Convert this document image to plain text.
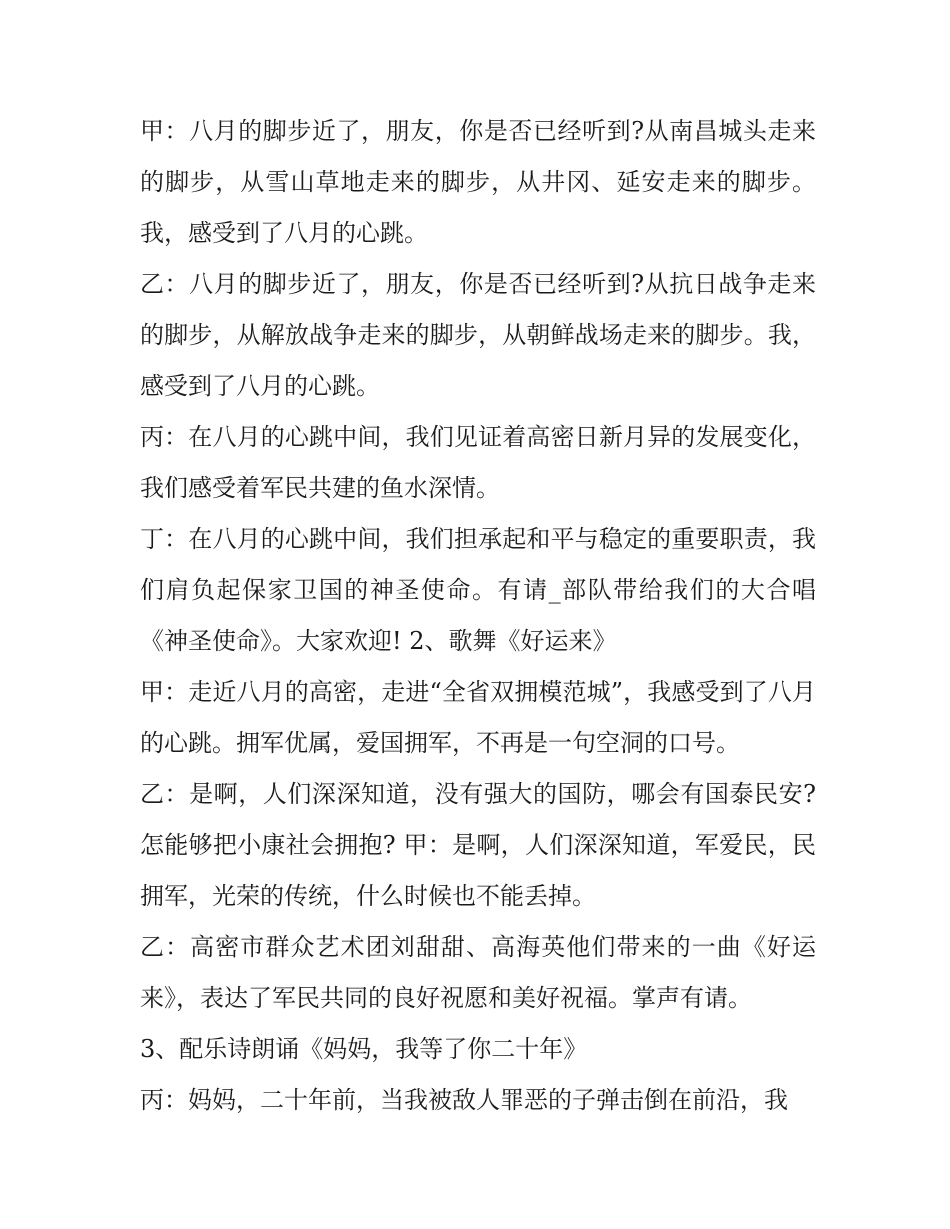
甲：八月的脚步近了，朋友，你是否已经听到?从南昌城头走来的脚步，从雪山草地走来的脚步，从井冈、延安走来的脚步。我，感受到了八月的心跳。

乙：八月的脚步近了，朋友，你是否已经听到?从抗日战争走来的脚步，从解放战争走来的脚步，从朝鲜战场走来的脚步。我，感受到了八月的心跳。

丙：在八月的心跳中间，我们见证着高密日新月异的发展变化，我们感受着军民共建的鱼水深情。

丁：在八月的心跳中间，我们担承起和平与稳定的重要职责，我们肩负起保家卫国的神圣使命。有请_部队带给我们的大合唱《神圣使命》。大家欢迎! 2、歌舞《好运来》

甲：走近八月的高密，走进“全省双拥模范城”，我感受到了八月的心跳。拥军优属，爱国拥军，不再是一句空洞的口号。

乙：是啊，人们深深知道，没有强大的国防，哪会有国泰民安?怎能够把小康社会拥抱? 甲：是啊，人们深深知道，军爱民，民拥军，光荣的传统，什么时候也不能丢掉。

乙：高密市群众艺术团刘甜甜、高海英他们带来的一曲《好运来》，表达了军民共同的良好祝愿和美好祝福。掌声有请。

3、配乐诗朗诵《妈妈，我等了你二十年》

丙：妈妈，二十年前，当我被敌人罪恶的子弹击倒在前沿，我
